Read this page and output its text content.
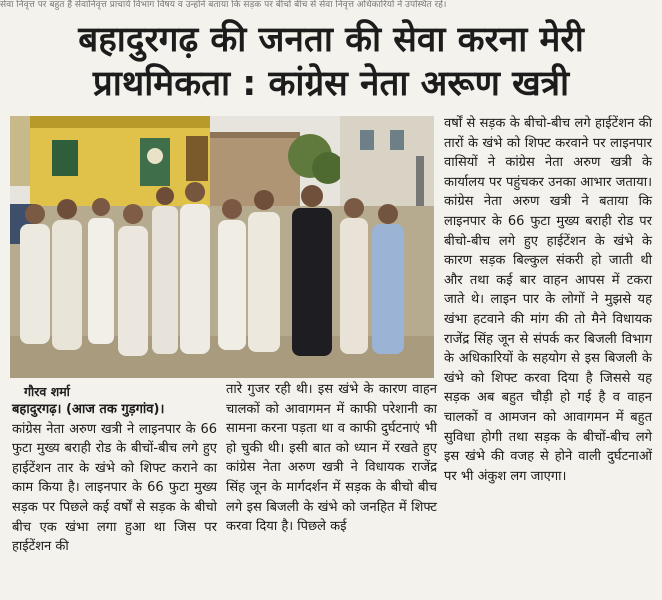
सेवा निवृत्त पर बहुत हैं सेवानिवृत्त प्राचार्य विभाग विषय व उन्होंने बताया कि सड़क पर बीचों बीच से सेवा निवृत्त अधिकारियों ने उपस्थित रहे।
बहादुरगढ़ की जनता की सेवा करना मेरी
प्राथमिकता : कांग्रेस नेता अरूण खत्री
गौरव शर्मा

बहादुरगढ़। (आज तक गुड़गांव)।

कांग्रेस नेता अरुण खत्री ने लाइनपार के 66 फुटा मुख्य बराही रोड के बीचों-बीच लगे हुए हाईटेंशन तार के खंभे को शिफ्ट कराने का काम किया है। लाइनपार के 66 फुटा मुख्य सड़क पर पिछले कई वर्षों से सड़क के बीचो बीच एक खंभा लगा हुआ था जिस पर हाईटेंशन की

तारे गुजर रही थी। इस खंभे के कारण वाहन चालकों को आवागमन में काफी परेशानी का सामना करना पड़ता था व काफी दुर्घटनाएं भी हो चुकी थी। इसी बात को ध्यान में रखते हुए कांग्रेस नेता अरुण खत्री ने विधायक राजेंद्र सिंह जून के मार्गदर्शन में सड़क के बीचो बीच लगे इस बिजली के खंभे को जनहित में शिफ्ट करवा दिया है। पिछले कई

वर्षों से सड़क के बीचो-बीच लगे हाईटेंशन की तारों के खंभे को शिफ्ट करवाने पर लाइनपार वासियों ने कांग्रेस नेता अरुण खत्री के कार्यालय पर पहुंचकर उनका आभार जताया। कांग्रेस नेता अरुण खत्री ने बताया कि लाइनपार के 66 फुटा मुख्य बराही रोड पर बीचो-बीच लगे हुए हाईटेंशन के खंभे के कारण सड़क बिल्कुल संकरी हो जाती थी और तथा कई बार वाहन आपस में टकरा जाते थे। लाइन पार के लोगों ने मुझसे यह खंभा हटवाने की मांग की तो मैने विधायक राजेंद्र सिंह जून से संपर्क कर बिजली विभाग के अधिकारियों के सहयोग से इस बिजली के खंभे को शिफ्ट करवा दिया है जिससे यह सड़क अब बहुत चौड़ी हो गई है व वाहन चालकों व आमजन को आवागमन में बहुत सुविधा होगी तथा सड़क के बीचों-बीच लगे इस खंभे की वजह से होने वाली दुर्घटनाओं पर भी अंकुश लग जाएगा।
